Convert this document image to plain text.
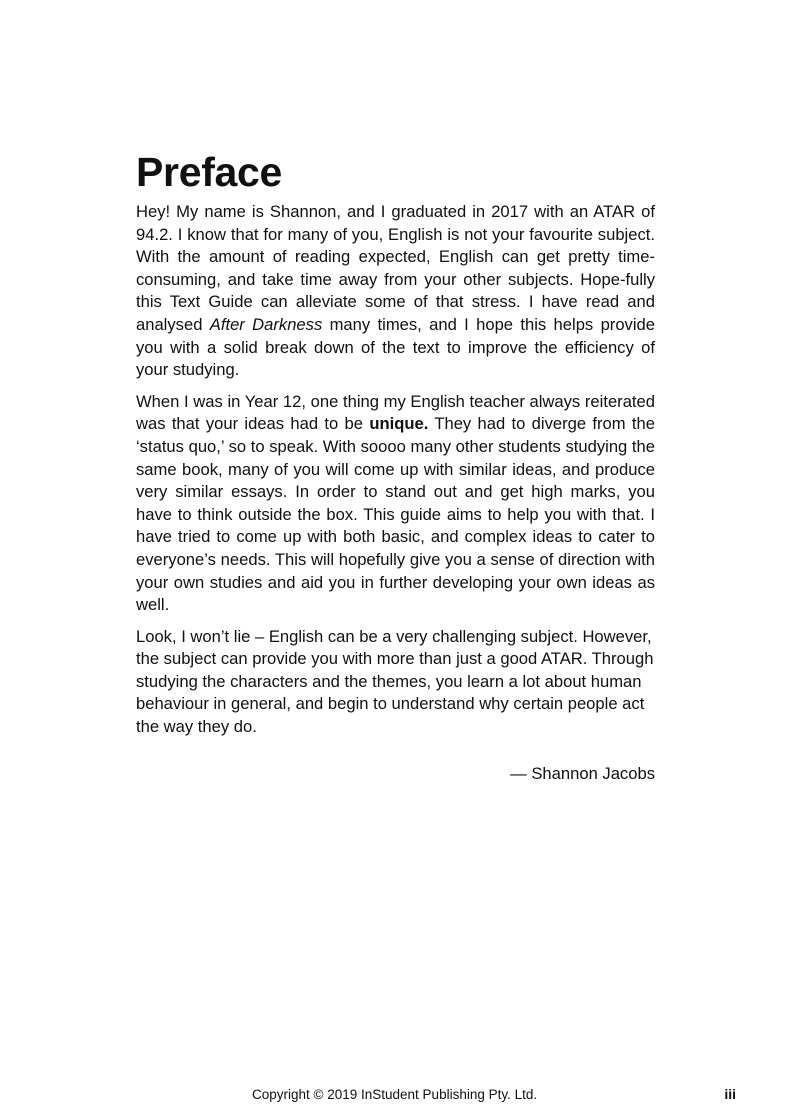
Preface

Hey! My name is Shannon, and I graduated in 2017 with an ATAR of 94.2. I know that for many of you, English is not your favourite subject. With the amount of reading expected, English can get pretty time-consuming, and take time away from your other subjects. Hope-fully this Text Guide can alleviate some of that stress. I have read and analysed After Darkness many times, and I hope this helps provide you with a solid break down of the text to improve the efficiency of your studying.

When I was in Year 12, one thing my English teacher always reiterated was that your ideas had to be unique. They had to diverge from the ‘status quo,’ so to speak. With soooo many other students studying the same book, many of you will come up with similar ideas, and produce very similar essays. In order to stand out and get high marks, you have to think outside the box. This guide aims to help you with that. I have tried to come up with both basic, and complex ideas to cater to everyone’s needs. This will hopefully give you a sense of direction with your own studies and aid you in further developing your own ideas as well.

Look, I won’t lie – English can be a very challenging subject. However, the subject can provide you with more than just a good ATAR. Through studying the characters and the themes, you learn a lot about human behaviour in general, and begin to understand why certain people act the way they do.

— Shannon Jacobs
Copyright © 2019 InStudent Publishing Pty. Ltd.	iii
